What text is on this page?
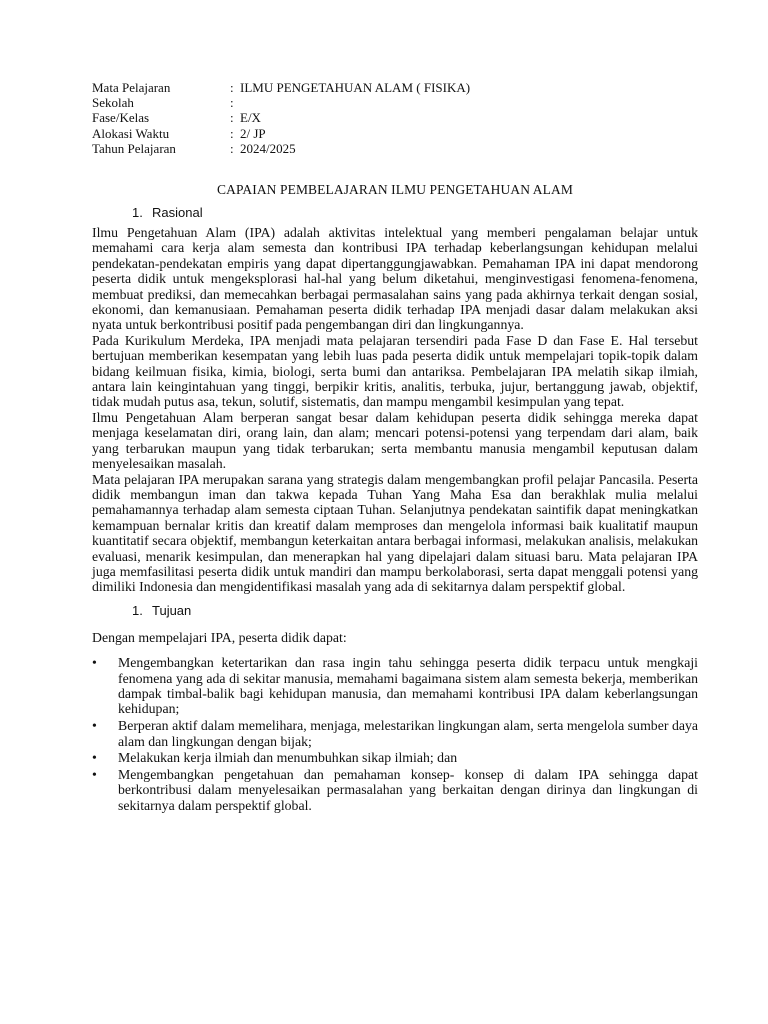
Mata Pelajaran	: ILMU PENGETAHUAN ALAM ( FISIKA)
Sekolah	:
Fase/Kelas	: E/X
Alokasi Waktu	: 2/ JP
Tahun Pelajaran	: 2024/2025
CAPAIAN PEMBELAJARAN ILMU PENGETAHUAN ALAM
1. Rasional

Ilmu Pengetahuan Alam (IPA) adalah aktivitas intelektual yang memberi pengalaman belajar untuk memahami cara kerja alam semesta dan kontribusi IPA terhadap keberlangsungan kehidupan melalui pendekatan-pendekatan empiris yang dapat dipertanggungjawabkan. Pemahaman IPA ini dapat mendorong peserta didik untuk mengeksplorasi hal-hal yang belum diketahui, menginvestigasi fenomena-fenomena, membuat prediksi, dan memecahkan berbagai permasalahan sains yang pada akhirnya terkait dengan sosial, ekonomi, dan kemanusiaan. Pemahaman peserta didik terhadap IPA menjadi dasar dalam melakukan aksi nyata untuk berkontribusi positif pada pengembangan diri dan lingkungannya.

Pada Kurikulum Merdeka, IPA menjadi mata pelajaran tersendiri pada Fase D dan Fase E. Hal tersebut bertujuan memberikan kesempatan yang lebih luas pada peserta didik untuk mempelajari topik-topik dalam bidang keilmuan fisika, kimia, biologi, serta bumi dan antariksa. Pembelajaran IPA melatih sikap ilmiah, antara lain keingintahuan yang tinggi, berpikir kritis, analitis, terbuka, jujur, bertanggung jawab, objektif, tidak mudah putus asa, tekun, solutif, sistematis, dan mampu mengambil kesimpulan yang tepat.

Ilmu Pengetahuan Alam berperan sangat besar dalam kehidupan peserta didik sehingga mereka dapat menjaga keselamatan diri, orang lain, dan alam; mencari potensi-potensi yang terpendam dari alam, baik yang terbarukan maupun yang tidak terbarukan; serta membantu manusia mengambil keputusan dalam menyelesaikan masalah.

Mata pelajaran IPA merupakan sarana yang strategis dalam mengembangkan profil pelajar Pancasila. Peserta didik membangun iman dan takwa kepada Tuhan Yang Maha Esa dan berakhlak mulia melalui pemahamannya terhadap alam semesta ciptaan Tuhan. Selanjutnya pendekatan saintifik dapat meningkatkan kemampuan bernalar kritis dan kreatif dalam memproses dan mengelola informasi baik kualitatif maupun kuantitatif secara objektif, membangun keterkaitan antara berbagai informasi, melakukan analisis, melakukan evaluasi, menarik kesimpulan, dan menerapkan hal yang dipelajari dalam situasi baru. Mata pelajaran IPA juga memfasilitasi peserta didik untuk mandiri dan mampu berkolaborasi, serta dapat menggali potensi yang dimiliki Indonesia dan mengidentifikasi masalah yang ada di sekitarnya dalam perspektif global.

1. Tujuan
Dengan mempelajari IPA, peserta didik dapat:
• Mengembangkan ketertarikan dan rasa ingin tahu sehingga peserta didik terpacu untuk mengkaji fenomena yang ada di sekitar manusia, memahami bagaimana sistem alam semesta bekerja, memberikan dampak timbal-balik bagi kehidupan manusia, dan memahami kontribusi IPA dalam keberlangsungan kehidupan;
• Berperan aktif dalam memelihara, menjaga, melestarikan lingkungan alam, serta mengelola sumber daya alam dan lingkungan dengan bijak;
• Melakukan kerja ilmiah dan menumbuhkan sikap ilmiah; dan
• Mengembangkan pengetahuan dan pemahaman konsep- konsep di dalam IPA sehingga dapat berkontribusi dalam menyelesaikan permasalahan yang berkaitan dengan dirinya dan lingkungan di sekitarnya dalam perspektif global.
